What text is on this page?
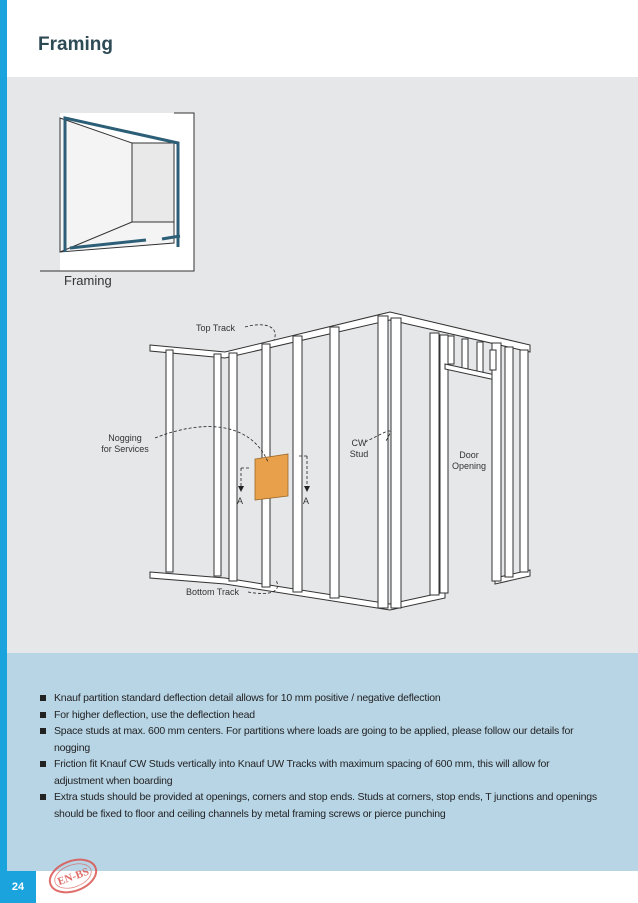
Framing
Framing
Top Track
Nogging
for Services
CW
Stud	Door
Opening
Bottom Track
A	A
Knauf partition standard deflection detail allows for 10 mm positive / negative deflection
For higher deflection, use the deflection head
Space studs at max. 600 mm centers. For partitions where loads are going to be applied, please follow our details for nogging
Friction fit Knauf CW Studs vertically into Knauf UW Tracks with maximum spacing of 600 mm, this will allow for adjustment when boarding
Extra studs should be provided at openings, corners and stop ends. Studs at corners, stop ends, T junctions and openings should be fixed to floor and ceiling channels by metal framing screws or pierce punching
24	EN-BS
